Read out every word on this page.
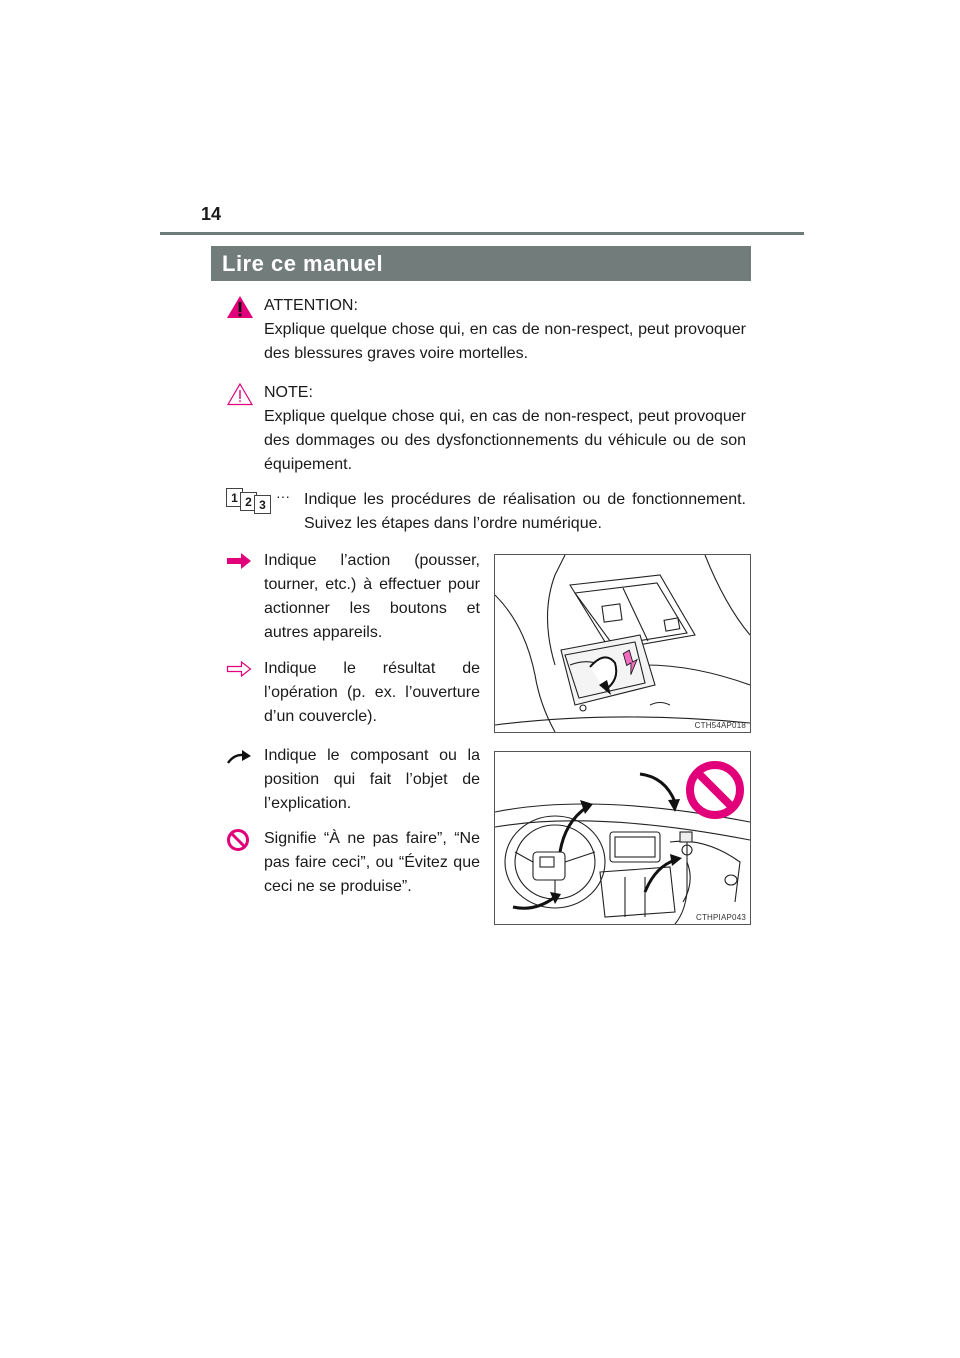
14
Lire ce manuel
ATTENTION:
Explique quelque chose qui, en cas de non-respect, peut provoquer des blessures graves voire mortelles.
NOTE:
Explique quelque chose qui, en cas de non-respect, peut provoquer des dommages ou des dysfonctionnements du véhicule ou de son équipement.
1 2 3
··· Indique les procédures de réalisation ou de fonctionnement. Suivez les étapes dans l’ordre numérique.
Indique l’action (pousser, tourner, etc.) à effectuer pour actionner les boutons et autres appareils.
Indique le résultat de l’opération (p. ex. l’ouverture d’un couvercle).
Indique le composant ou la position qui fait l’objet de l’explication.
Signifie “À ne pas faire”, “Ne pas faire ceci”, ou “Évitez que ceci ne se produise”.
CTH54AP018
CTHPIAP043
